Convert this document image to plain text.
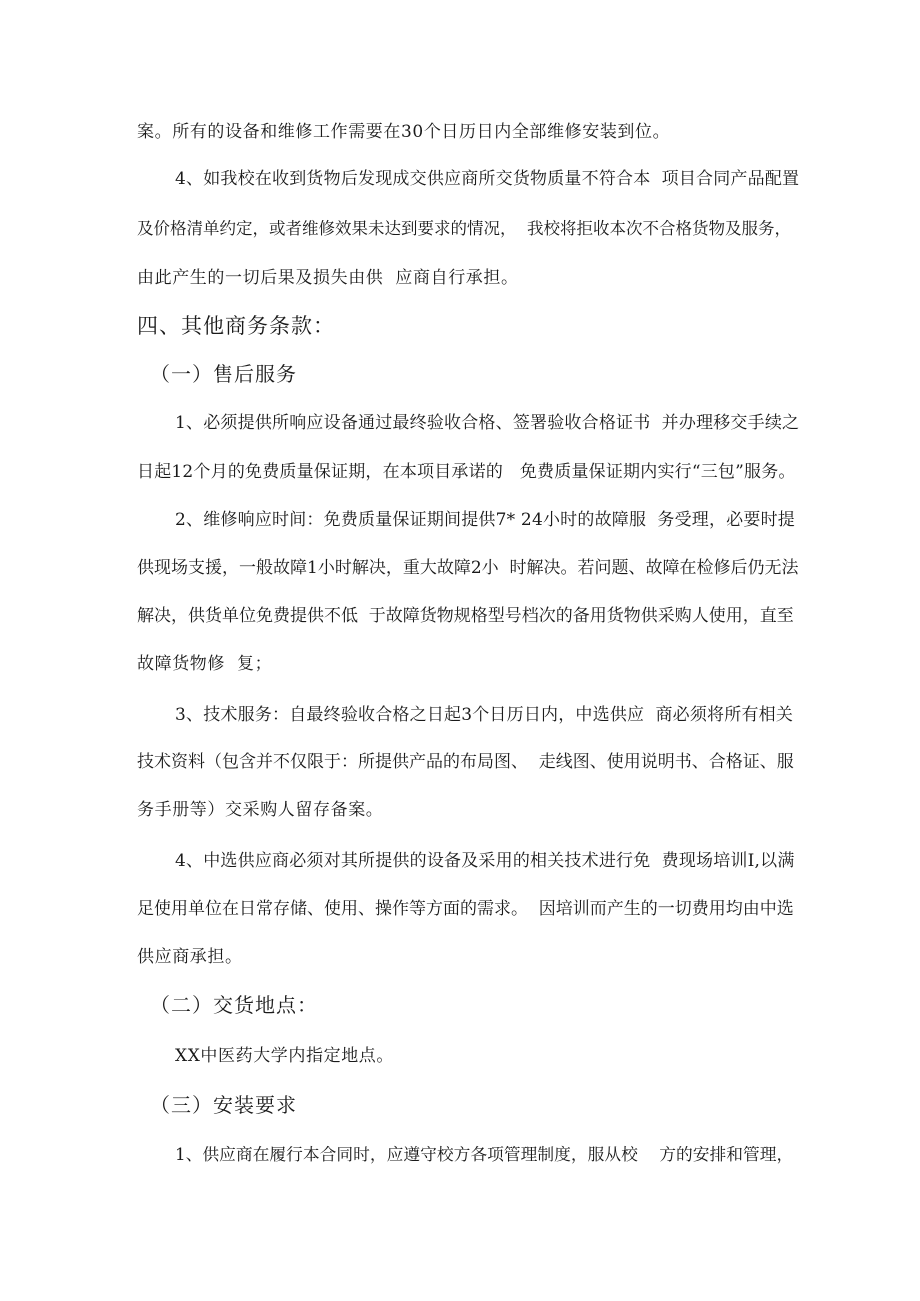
案。所有的设备和维修工作需要在30个日历日内全部维修安装到位。
4、如我校在收到货物后发现成交供应商所交货物质量不符合本  项目合同产品配置
及价格清单约定，或者维修效果未达到要求的情况，  我校将拒收本次不合格货物及服务，
由此产生的一切后果及损失由供  应商自行承担。
四、其他商务条款：
（一）售后服务
1、必须提供所响应设备通过最终验收合格、签署验收合格证书  并办理移交手续之
日起12个月的免费质量保证期，在本项目承诺的   免费质量保证期内实行“三包”服务。
2、维修响应时间：免费质量保证期间提供7* 24小时的故障服  务受理，必要时提
供现场支援，一般故障1小时解决，重大故障2小  时解决。若问题、故障在检修后仍无法
解决，供货单位免费提供不低  于故障货物规格型号档次的备用货物供采购人使用，直至
故障货物修  复；
3、技术服务：自最终验收合格之日起3个日历日内，中选供应  商必须将所有相关
技术资料（包含并不仅限于：所提供产品的布局图、  走线图、使用说明书、合格证、服
务手册等）交采购人留存备案。
4、中选供应商必须对其所提供的设备及采用的相关技术进行免  费现场培训I,以满
足使用单位在日常存储、使用、操作等方面的需求。  因培训而产生的一切费用均由中选
供应商承担。
（二）交货地点：
XX中医药大学内指定地点。
（三）安装要求
1、供应商在履行本合同时，应遵守校方各项管理制度，服从校    方的安排和管理，
